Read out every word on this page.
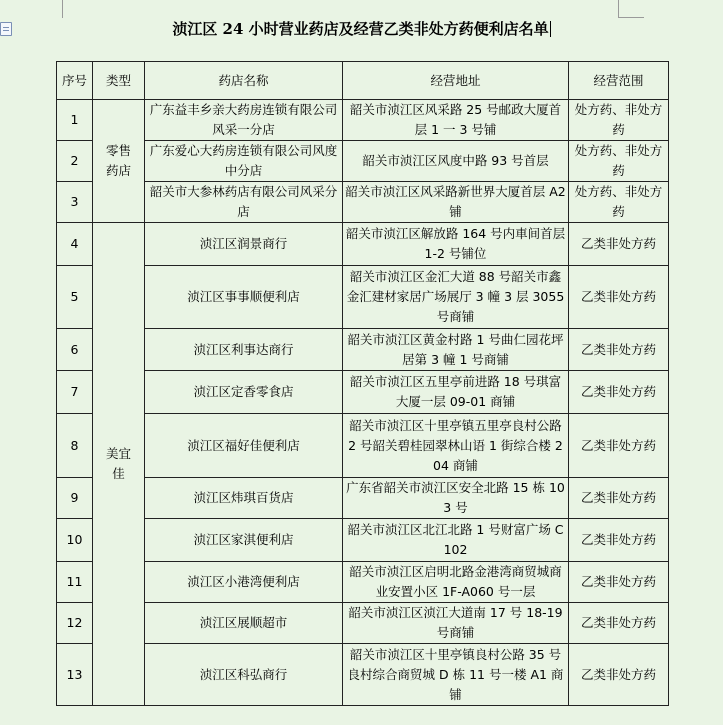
浈江区 24 小时营业药店及经营乙类非处方药便利店名单
序号	类型	药店名称	经营地址	经营范围
1	零售药店	广东益丰乡亲大药房连锁有限公司风采一分店	韶关市浈江区风采路 25 号邮政大厦首层 1 一 3 号铺	处方药、非处方药
2		广东爱心大药房连锁有限公司风度中分店	韶关市浈江区风度中路 93 号首层	处方药、非处方药
3		韶关市大参林药店有限公司风采分店	韶关市浈江区风采路新世界大厦首层 A2 铺	处方药、非处方药
4	美宜佳	浈江区润景商行	韶关市浈江区解放路 164 号内車间首层 1-2 号铺位	乙类非处方药
5		浈江区事事顺便利店	韶关市浈江区金汇大道 88 号韶关市鑫金汇建材家居广场展厅 3 幢 3 层 3055 号商铺	乙类非处方药
6		浈江区利事达商行	韶关市浈江区黄金村路 1 号曲仁园花坪居第 3 幢 1 号商铺	乙类非处方药
7		浈江区定香零食店	韶关市浈江区五里亭前进路 18 号琪富大厦一层 09-01 商铺	乙类非处方药
8		浈江区福好佳便利店	韶关市浈江区十里亭镇五里亭良村公路 2 号韶关碧桂园翠林山语 1 街综合楼 204 商铺	乙类非处方药
9		浈江区炜琪百货店	广东省韶关市浈江区安全北路 15 栋 103 号	乙类非处方药
10		浈江区家淇便利店	韶关市浈江区北江北路 1 号财富广场 C102	乙类非处方药
11		浈江区小港湾便利店	韶关市浈江区启明北路金港湾商贸城商业安置小区 1F-A060 号一层	乙类非处方药
12		浈江区展顺超市	韶关市浈江区浈江大道南 17 号 18-19 号商铺	乙类非处方药
13		浈江区科弘商行	韶关市浈江区十里亭镇良村公路 35 号良村综合商贸城 D 栋 11 号一楼 A1 商铺	乙类非处方药
